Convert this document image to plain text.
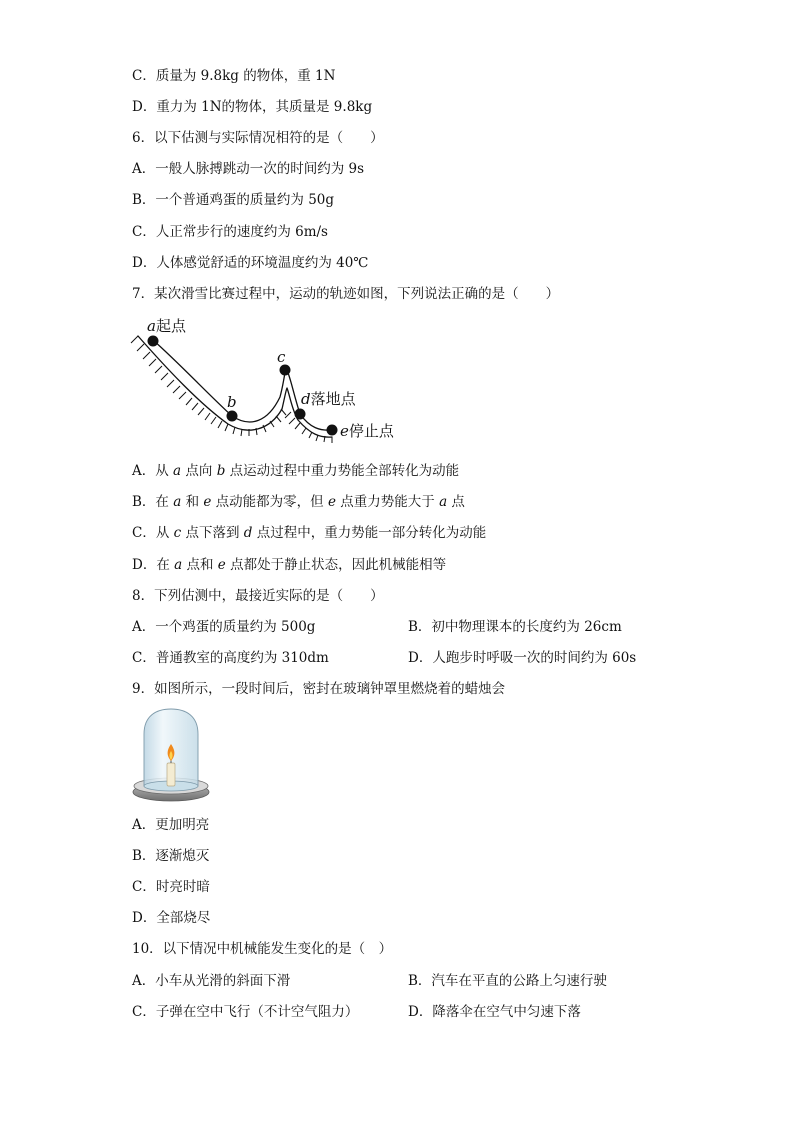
C．质量为 9.8kg 的物体，重 1N
D．重力为 1N的物体，其质量是 9.8kg
6．以下估测与实际情况相符的是（　　）
A．一般人脉搏跳动一次的时间约为 9s
B．一个普通鸡蛋的质量约为 50g
C．人正常步行的速度约为 6m/s
D．人体感觉舒适的环境温度约为 40℃
7．某次滑雪比赛过程中，运动的轨迹如图，下列说法正确的是（　　）
a起点
b
c
d落地点
e停止点
A．从 a 点向 b 点运动过程中重力势能全部转化为动能
B．在 a 和 e 点动能都为零，但 e 点重力势能大于 a 点
C．从 c 点下落到 d 点过程中，重力势能一部分转化为动能
D．在 a 点和 e 点都处于静止状态，因此机械能相等
8．下列估测中，最接近实际的是（　　）
A．一个鸡蛋的质量约为 500g	B．初中物理课本的长度约为 26cm
C．普通教室的高度约为 310dm	D．人跑步时呼吸一次的时间约为 60s
9．如图所示，一段时间后，密封在玻璃钟罩里燃烧着的蜡烛会
A．更加明亮
B．逐渐熄灭
C．时亮时暗
D．全部烧尽
10．以下情况中机械能发生变化的是（　）
A．小车从光滑的斜面下滑	B．汽车在平直的公路上匀速行驶
C．子弹在空中飞行（不计空气阻力）	D．降落伞在空气中匀速下落
